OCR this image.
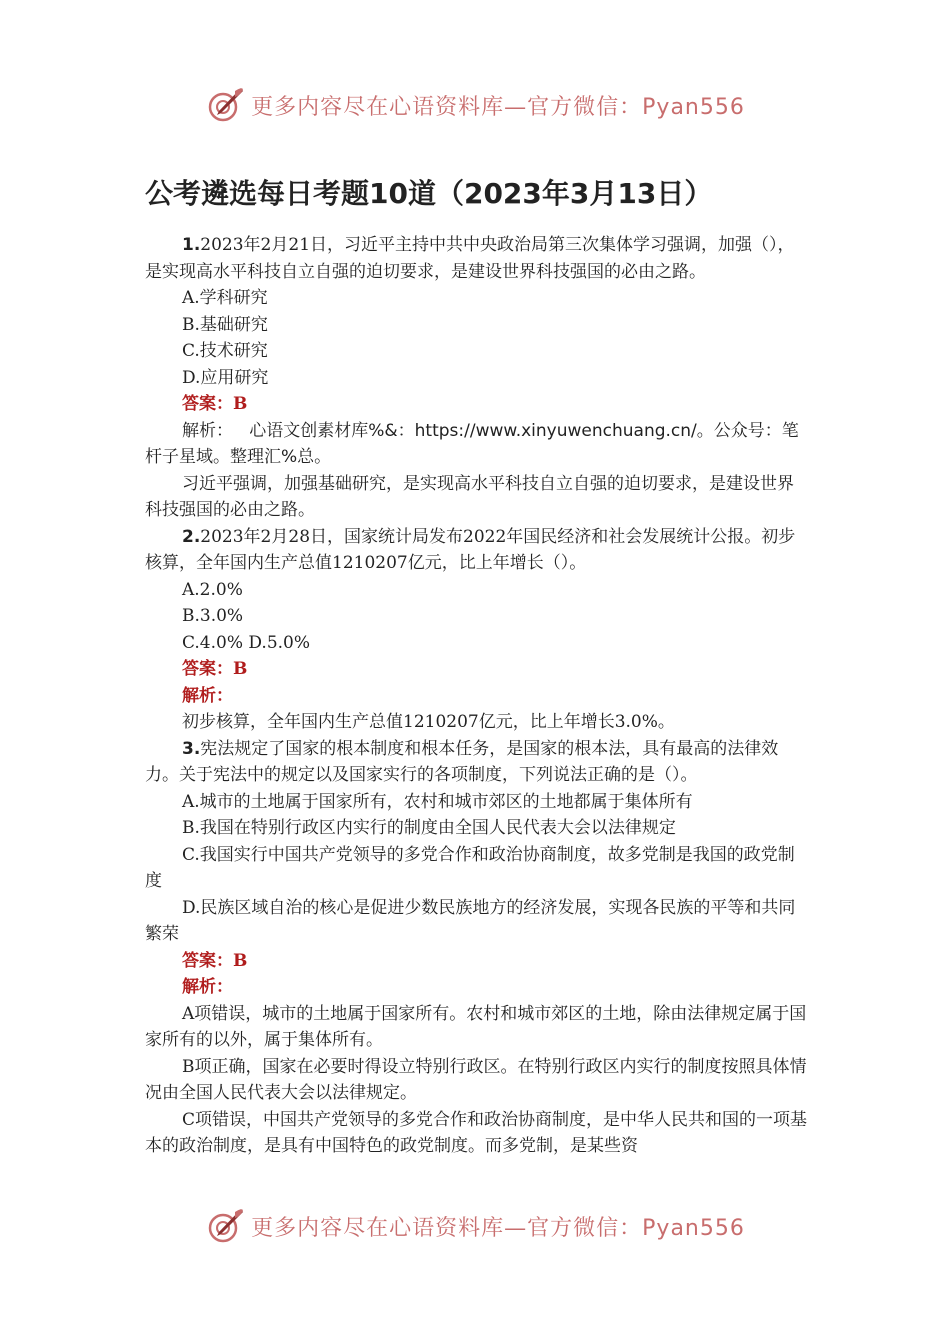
更多内容尽在心语资料库—官方微信：Pyan556
公考遴选每日考题10道（2023年3月13日）

1.2023年2月21日，习近平主持中共中央政治局第三次集体学习强调，加强（），是实现高水平科技自立自强的迫切要求，是建设世界科技强国的必由之路。

A.学科研究

B.基础研究

C.技术研究

D.应用研究

答案：B

解析： 心语文创素材库%&：https://www.xinyuwenchuang.cn/。公众号：笔杆子星域。整理汇%总。

习近平强调，加强基础研究，是实现高水平科技自立自强的迫切要求，是建设世界科技强国的必由之路。

2.2023年2月28日，国家统计局发布2022年国民经济和社会发展统计公报。初步核算，全年国内生产总值1210207亿元，比上年增长（）。

A.2.0%

B.3.0%

C.4.0% D.5.0%

答案：B

解析：

初步核算，全年国内生产总值1210207亿元，比上年增长3.0%。

3.宪法规定了国家的根本制度和根本任务，是国家的根本法，具有最高的法律效力。关于宪法中的规定以及国家实行的各项制度，下列说法正确的是（）。

A.城市的土地属于国家所有，农村和城市郊区的土地都属于集体所有

B.我国在特别行政区内实行的制度由全国人民代表大会以法律规定

C.我国实行中国共产党领导的多党合作和政治协商制度，故多党制是我国的政党制度

D.民族区域自治的核心是促进少数民族地方的经济发展，实现各民族的平等和共同繁荣

答案：B

解析：

A项错误，城市的土地属于国家所有。农村和城市郊区的土地，除由法律规定属于国家所有的以外，属于集体所有。

B项正确，国家在必要时得设立特别行政区。在特别行政区内实行的制度按照具体情况由全国人民代表大会以法律规定。

C项错误，中国共产党领导的多党合作和政治协商制度，是中华人民共和国的一项基本的政治制度，是具有中国特色的政党制度。而多党制，是某些资

更多内容尽在心语资料库—官方微信：Pyan556
